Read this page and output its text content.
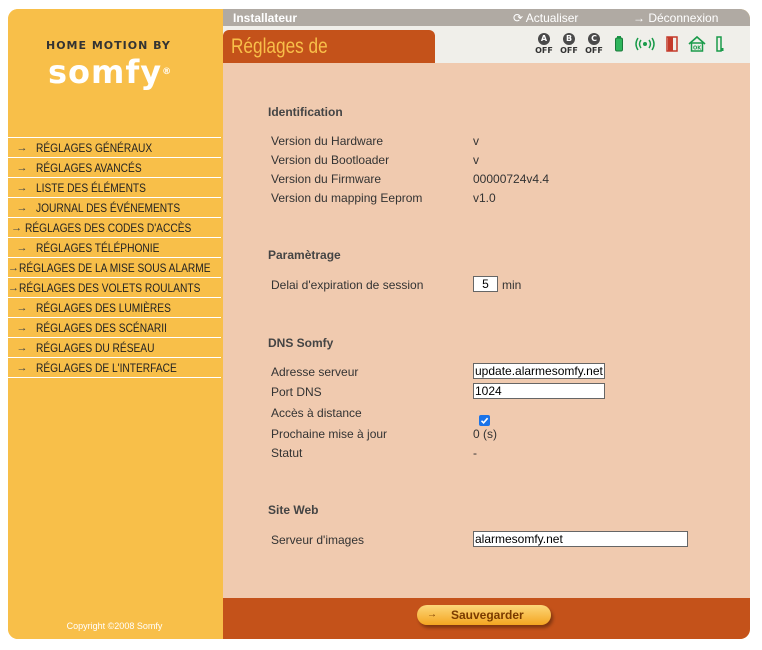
HOME MOTION BY
somfy®
→ RÉGLAGES GÉNÉRAUX
→ RÉGLAGES AVANCÉS
→ LISTE DES ÉLÉMENTS
→ JOURNAL DES ÉVÉNEMENTS
→ RÉGLAGES DES CODES D'ACCÈS
→ RÉGLAGES TÉLÉPHONIE
→ RÉGLAGES DE LA MISE SOUS ALARME
→ RÉGLAGES DES VOLETS ROULANTS
→ RÉGLAGES DES LUMIÈRES
→ RÉGLAGES DES SCÉNARII
→ RÉGLAGES DU RÉSEAU
→ RÉGLAGES DE L'INTERFACE
Copyright ©2008 Somfy
Installateur	⟳ Actualiser	→ Déconnexion
Réglages de	A
OFF
B
OFF
C
OFF	OK
Identification
Version du Hardware	v
Version du Bootloader	v
Version du Firmware	00000724v4.4
Version du mapping Eeprom	v1.0
Paramètrage
Delai d'expiration de session	5	min
DNS Somfy
Adresse serveur	update.alarmesomfy.net
Port DNS	1024
Accès à distance
Prochaine mise à jour	0 (s)
Statut	-
Site Web
Serveur d'images	alarmesomfy.net
→ Sauvegarder
